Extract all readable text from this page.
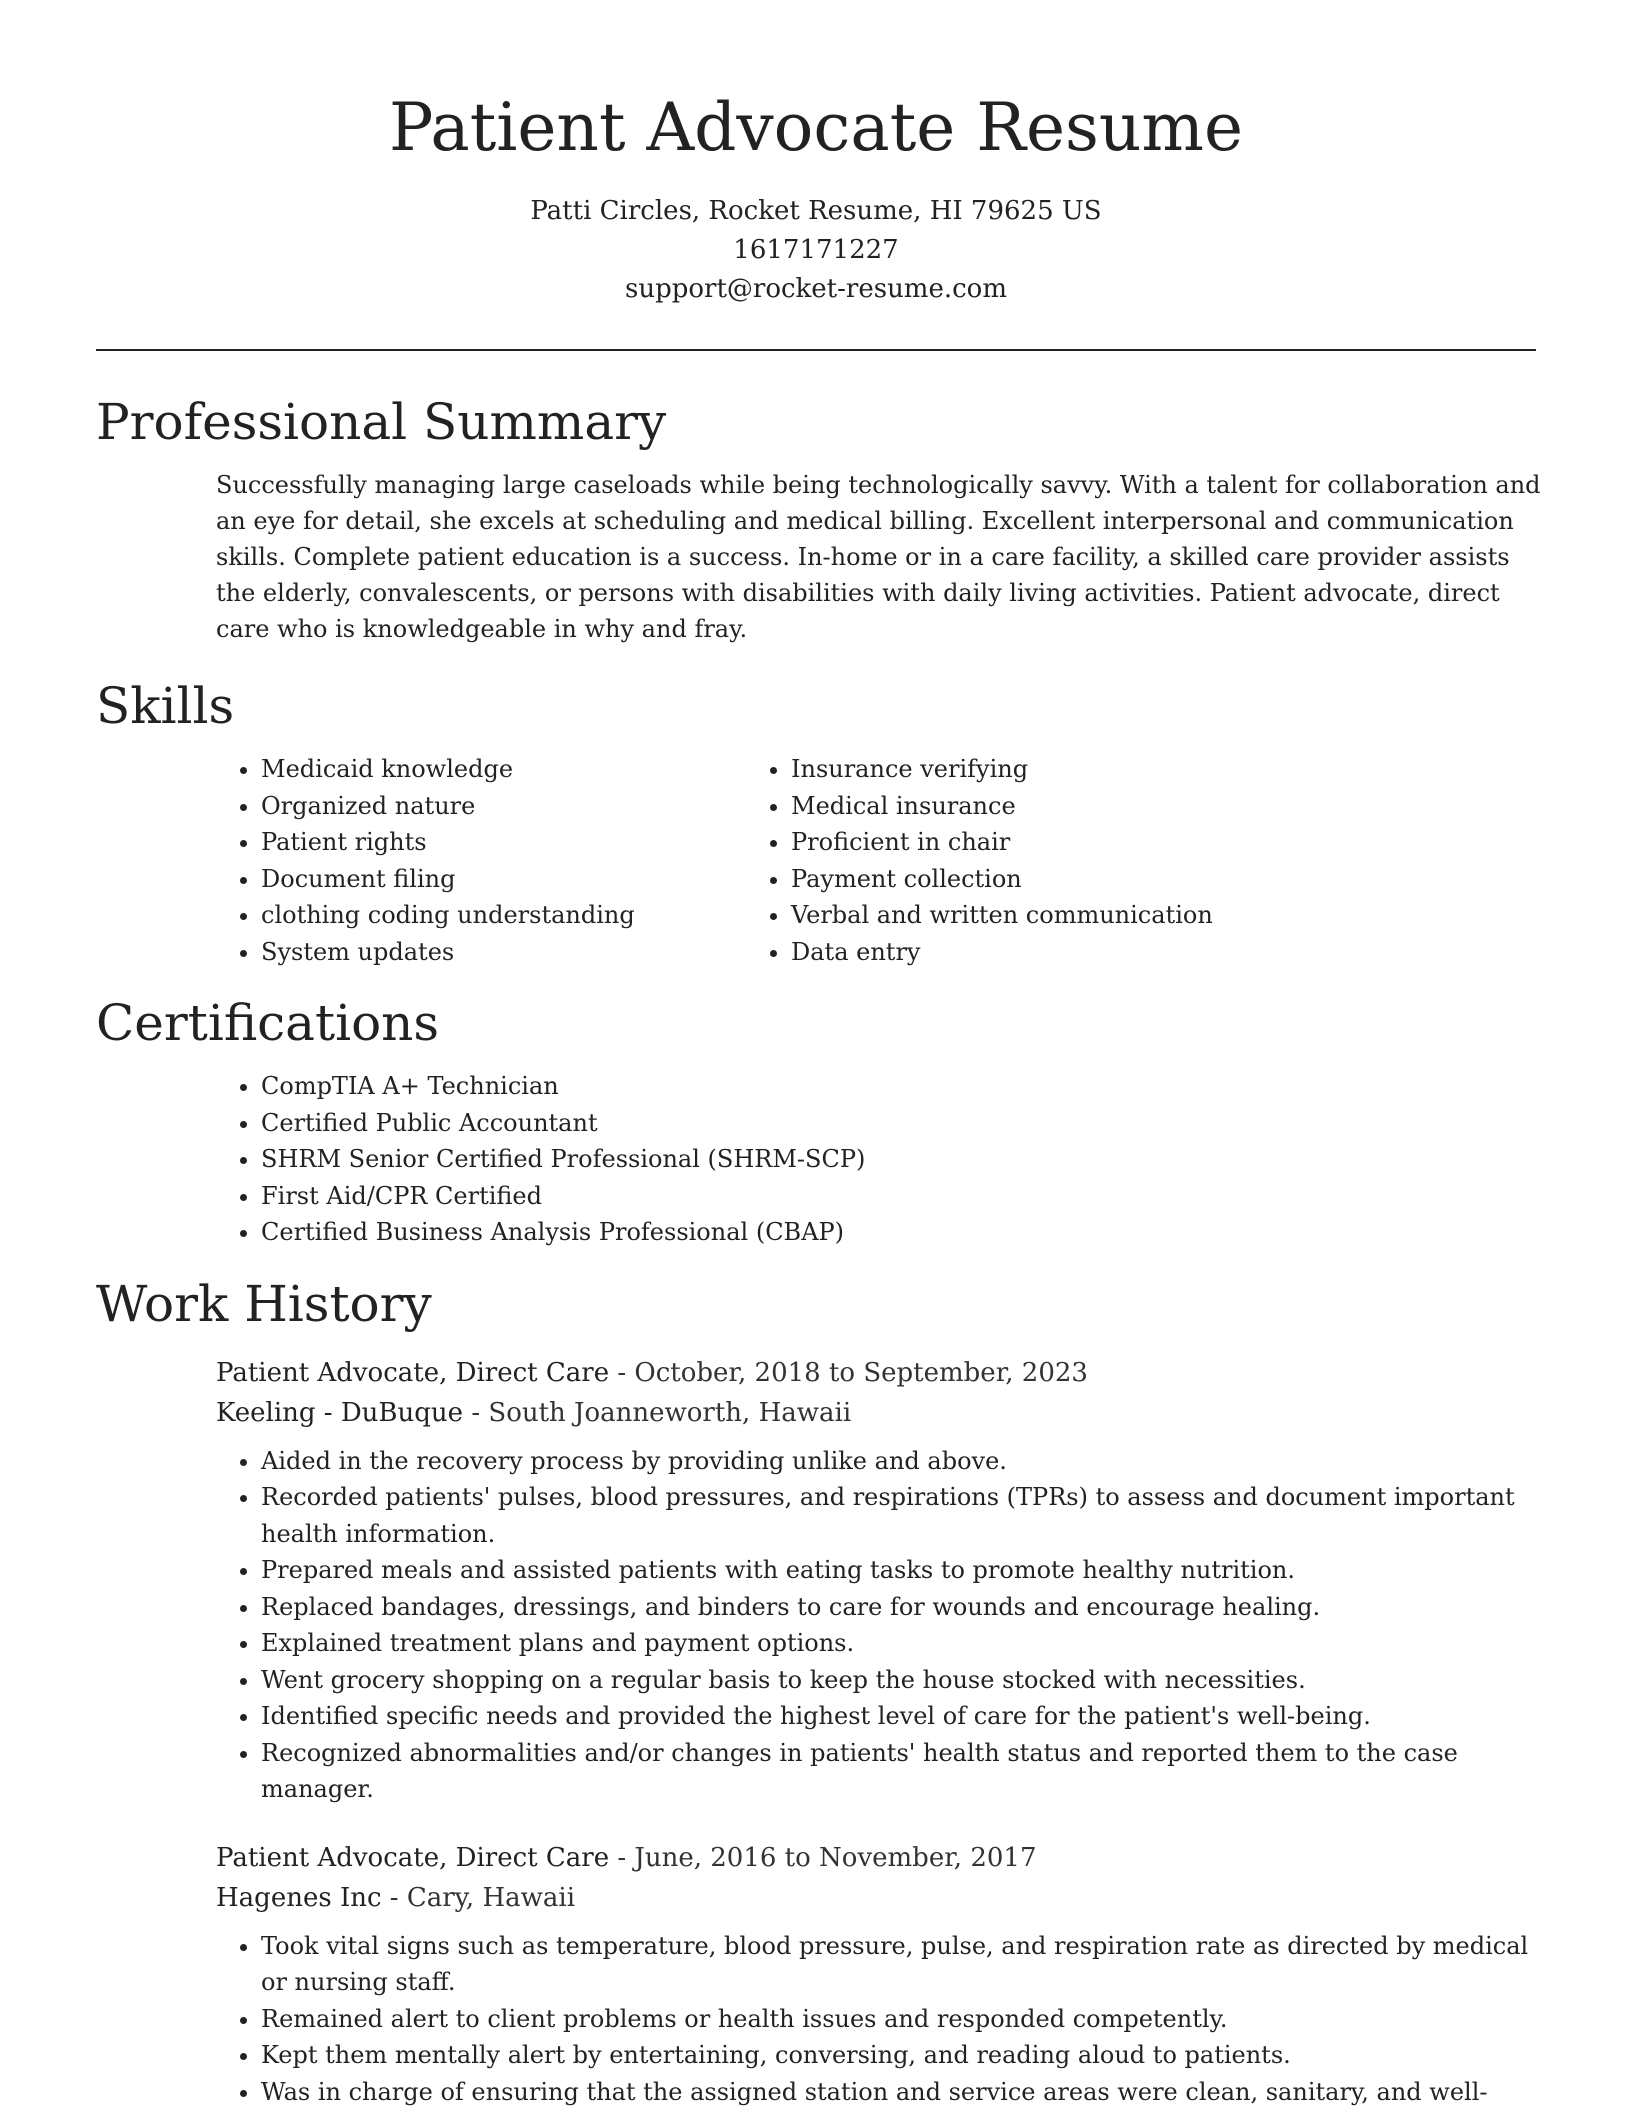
Patient Advocate Resume
Patti Circles, Rocket Resume, HI 79625 US
1617171227
support@rocket-resume.com
Professional Summary

Successfully managing large caseloads while being technologically savvy. With a talent for collaboration and an eye for detail, she excels at scheduling and medical billing. Excellent interpersonal and communication skills. Complete patient education is a success. In-home or in a care facility, a skilled care provider assists the elderly, convalescents, or persons with disabilities with daily living activities. Patient advocate, direct care who is knowledgeable in why and fray.

Skills
• Medicaid knowledge
• Organized nature
• Patient rights
• Document filing
• clothing coding understanding
• System updates
• Insurance verifying
• Medical insurance
• Proficient in chair
• Payment collection
• Verbal and written communication
• Data entry
Certifications
• CompTIA A+ Technician
• Certified Public Accountant
• SHRM Senior Certified Professional (SHRM-SCP)
• First Aid/CPR Certified
• Certified Business Analysis Professional (CBAP)
Work History
Patient Advocate, Direct Care - October, 2018 to September, 2023
Keeling - DuBuque - South Joanneworth, Hawaii
• Aided in the recovery process by providing unlike and above.
• Recorded patients' pulses, blood pressures, and respirations (TPRs) to assess and document important health information.
• Prepared meals and assisted patients with eating tasks to promote healthy nutrition.
• Replaced bandages, dressings, and binders to care for wounds and encourage healing.
• Explained treatment plans and payment options.
• Went grocery shopping on a regular basis to keep the house stocked with necessities.
• Identified specific needs and provided the highest level of care for the patient's well-being.
• Recognized abnormalities and/or changes in patients' health status and reported them to the case manager.
Patient Advocate, Direct Care - June, 2016 to November, 2017
Hagenes Inc - Cary, Hawaii
• Took vital signs such as temperature, blood pressure, pulse, and respiration rate as directed by medical or nursing staff.
• Remained alert to client problems or health issues and responded competently.
• Kept them mentally alert by entertaining, conversing, and reading aloud to patients.
• Was in charge of ensuring that the assigned station and service areas were clean, sanitary, and well-
